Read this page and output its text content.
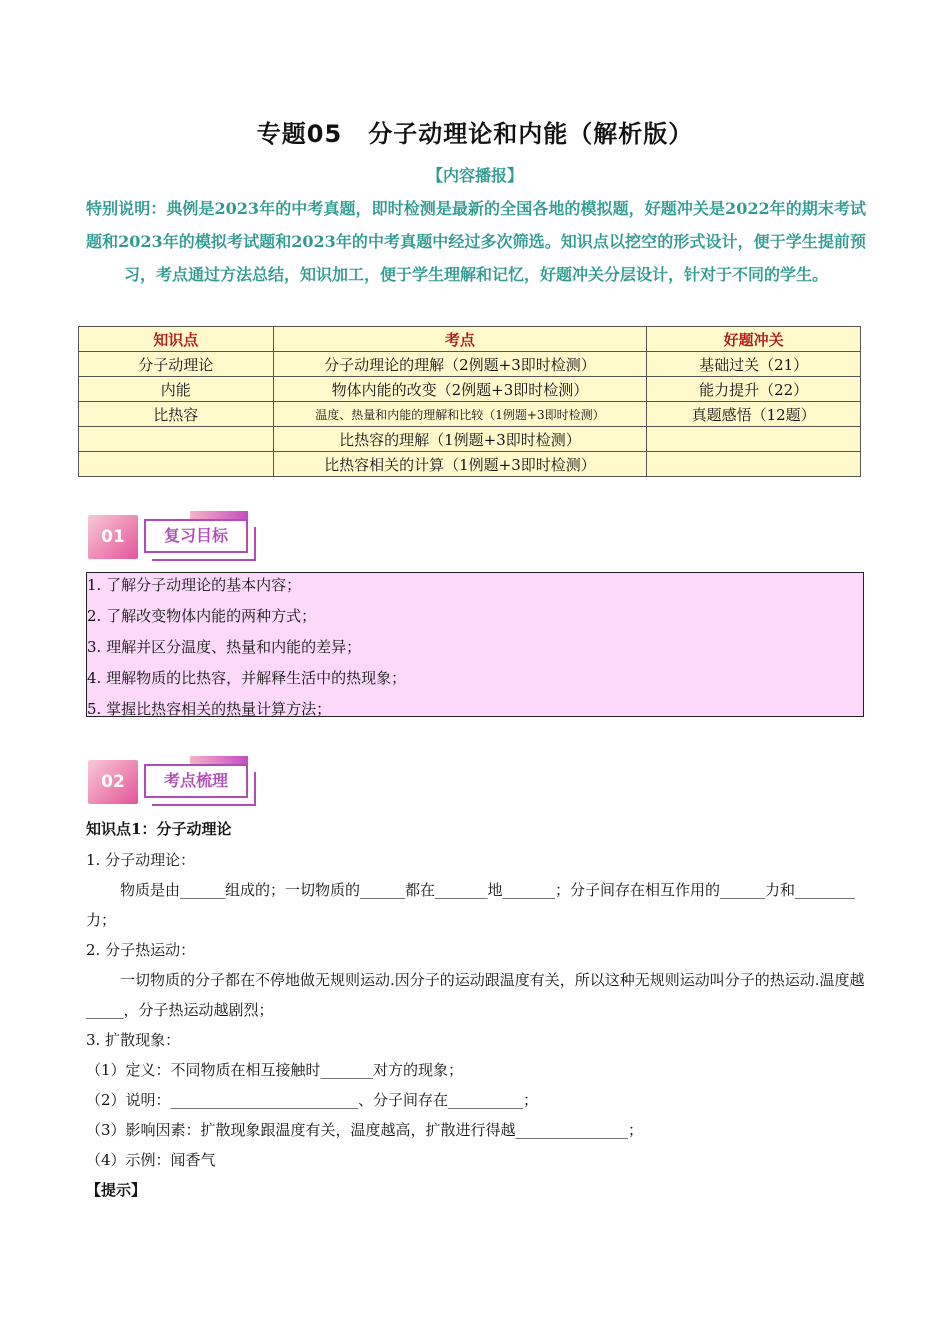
专题05 分子动理论和内能（解析版）
【内容播报】
特别说明：典例是2023年的中考真题，即时检测是最新的全国各地的模拟题，好题冲关是2022年的期末考试题和2023年的模拟考试题和2023年的中考真题中经过多次筛选。知识点以挖空的形式设计，便于学生提前预习，考点通过方法总结，知识加工，便于学生理解和记忆，好题冲关分层设计，针对于不同的学生。
知识点	考点	好题冲关
分子动理论	分子动理论的理解（2例题+3即时检测）	基础过关（21）
内能	物体内能的改变（2例题+3即时检测）	能力提升（22）
比热容	温度、热量和内能的理解和比较（1例题+3即时检测）	真题感悟（12题）
	比热容的理解（1例题+3即时检测）	
	比热容相关的计算（1例题+3即时检测）	
01	复习目标
1. 了解分子动理论的基本内容；
2. 了解改变物体内能的两种方式；
3. 理解并区分温度、热量和内能的差异；
4. 理解物质的比热容，并解释生活中的热现象；
5. 掌握比热容相关的热量计算方法；
02	考点梳理
知识点1：分子动理论
1. 分子动理论：
物质是由______组成的；一切物质的______都在_______地_______；分子间存在相互作用的______力和________力；
2. 分子热运动：
一切物质的分子都在不停地做无规则运动.因分子的运动跟温度有关，所以这种无规则运动叫分子的热运动.温度越_____，分子热运动越剧烈；
3. 扩散现象：
（1）定义：不同物质在相互接触时_______对方的现象；
（2）说明：_________________________、分子间存在__________；
（3）影响因素：扩散现象跟温度有关，温度越高，扩散进行得越_______________；
（4）示例：闻香气
【提示】
